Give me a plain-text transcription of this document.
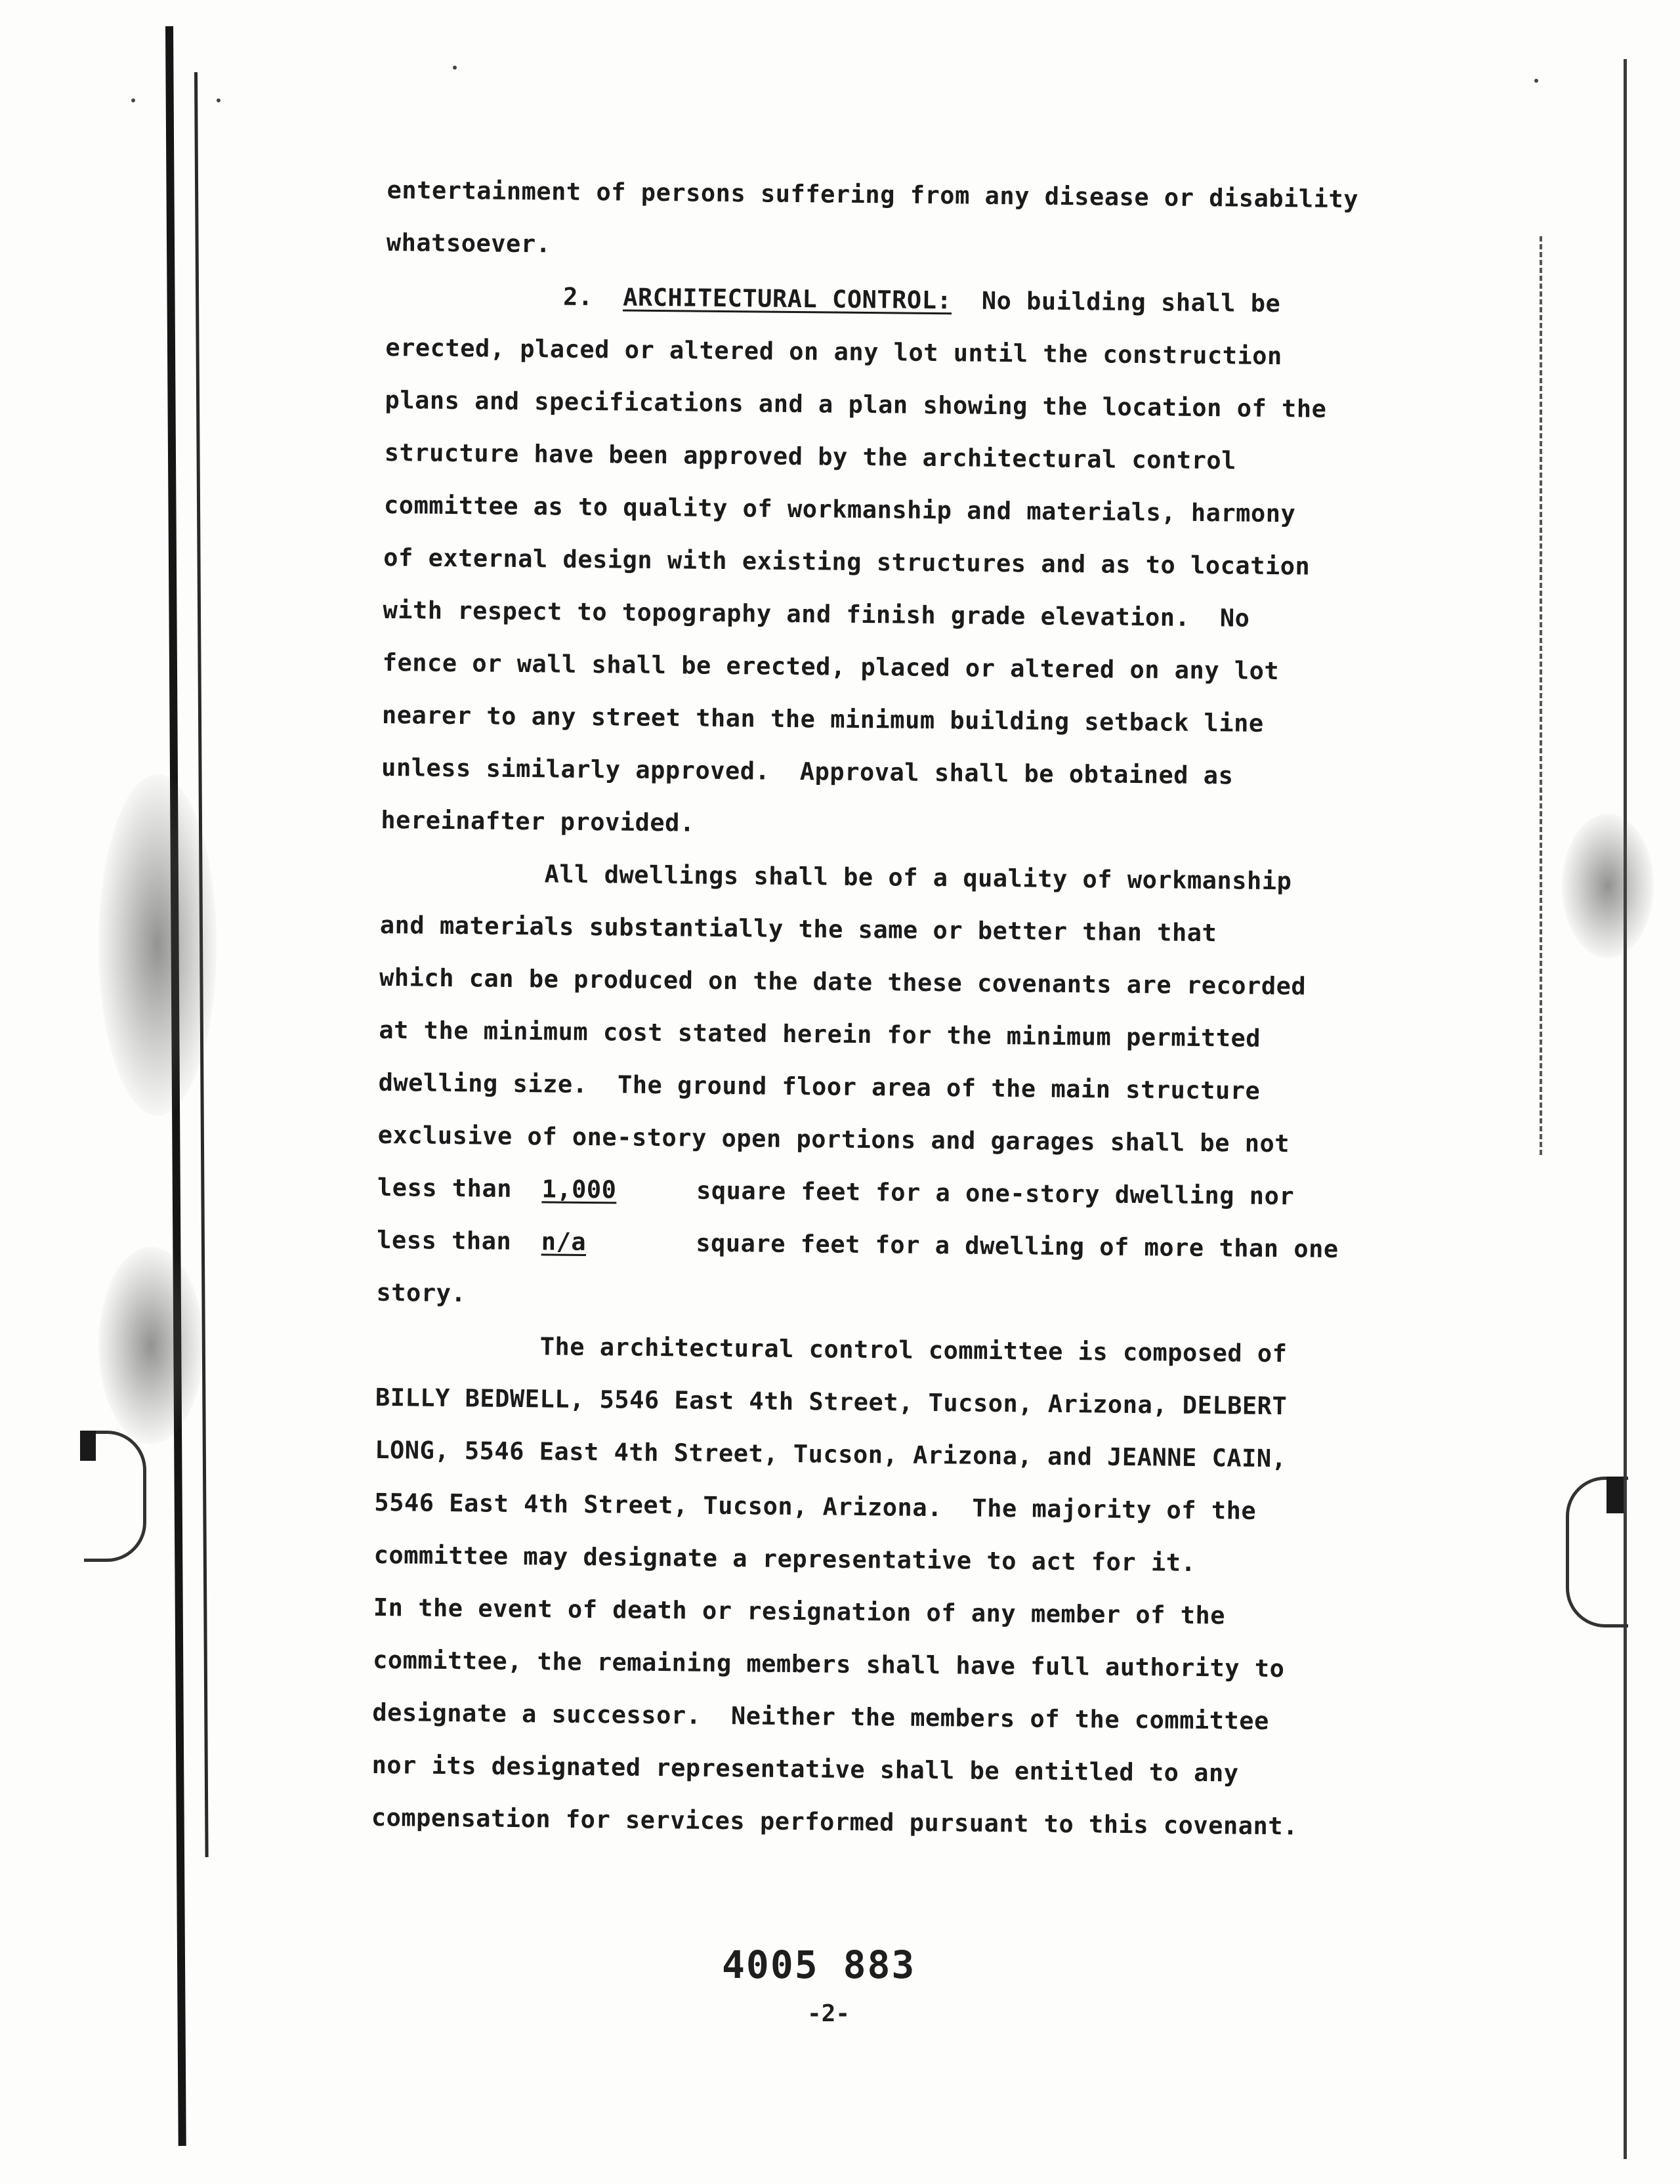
entertainment of persons suffering from any disease or disability
whatsoever.
2. ARCHITECTURAL CONTROL: No building shall be
erected, placed or altered on any lot until the construction
plans and specifications and a plan showing the location of the
structure have been approved by the architectural control
committee as to quality of workmanship and materials, harmony
of external design with existing structures and as to location
with respect to topography and finish grade elevation.  No
fence or wall shall be erected, placed or altered on any lot
nearer to any street than the minimum building setback line
unless similarly approved.  Approval shall be obtained as
hereinafter provided.
All dwellings shall be of a quality of workmanship
and materials substantially the same or better than that
which can be produced on the date these covenants are recorded
at the minimum cost stated herein for the minimum permitted
dwelling size.  The ground floor area of the main structure
exclusive of one-story open portions and garages shall be not
less than 1,000	square feet for a one-story dwelling nor
less than n/a	square feet for a dwelling of more than one
story.
The architectural control committee is composed of
BILLY BEDWELL, 5546 East 4th Street, Tucson, Arizona, DELBERT
LONG, 5546 East 4th Street, Tucson, Arizona, and JEANNE CAIN,
5546 East 4th Street, Tucson, Arizona.  The majority of the
committee may designate a representative to act for it.
In the event of death or resignation of any member of the
committee, the remaining members shall have full authority to
designate a successor.  Neither the members of the committee
nor its designated representative shall be entitled to any
compensation for services performed pursuant to this covenant.
4005 883
-2-
